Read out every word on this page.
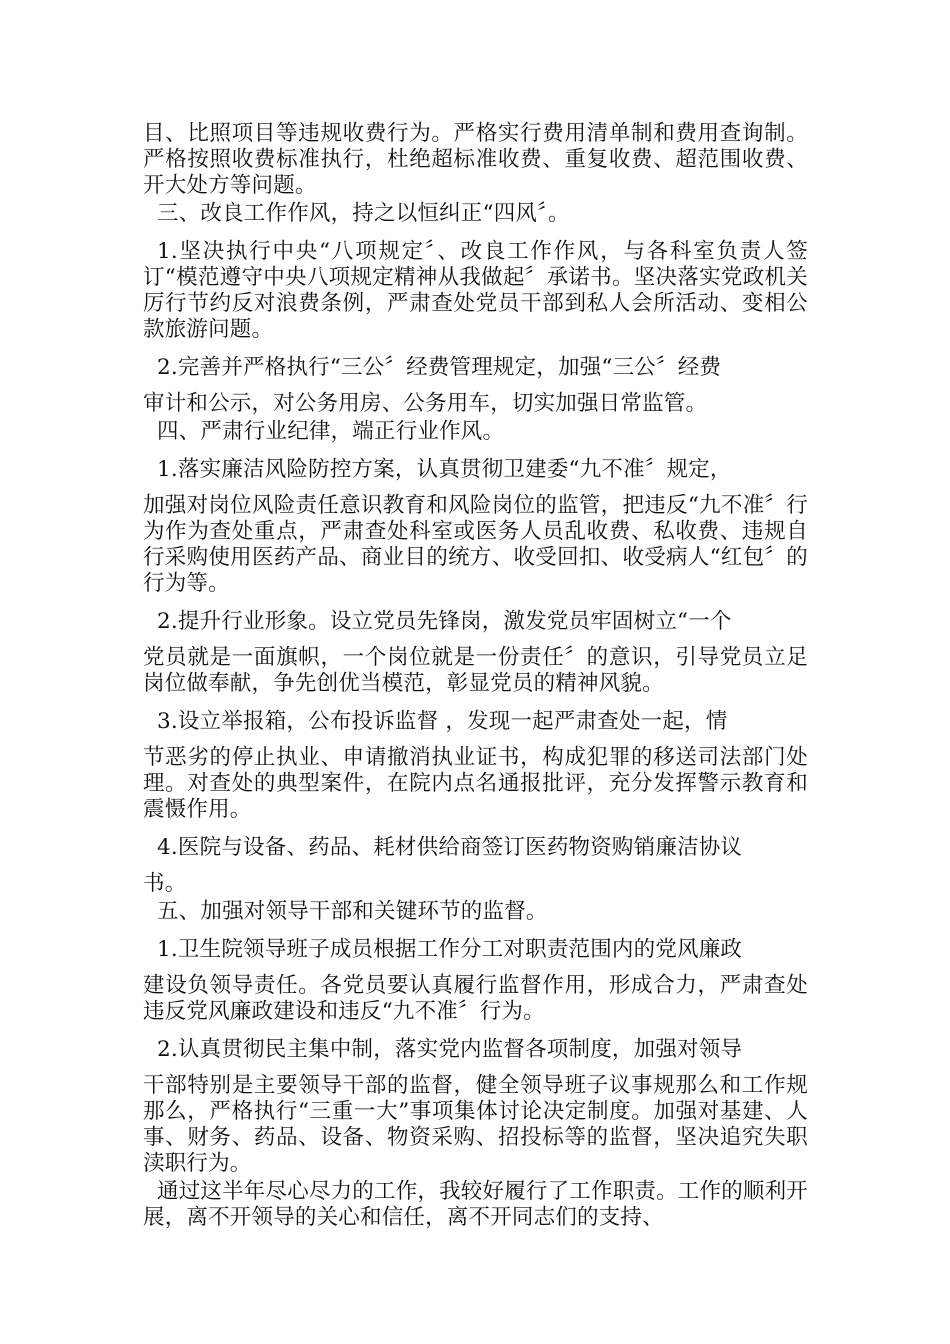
目、比照项目等违规收费行为。严格实行费用清单制和费用查询制。严格按照收费标准执行，杜绝超标准收费、重复收费、超范围收费、开大处方等问题。

三、改良工作作风，持之以恒纠正“四风〞。

1.坚决执行中央“八项规定〞、改良工作作风，与各科室负责人签订“模范遵守中央八项规定精神从我做起〞承诺书。坚决落实党政机关厉行节约反对浪费条例，严肃查处党员干部到私人会所活动、变相公款旅游问题。

2.完善并严格执行“三公〞经费管理规定，加强“三公〞经费

审计和公示，对公务用房、公务用车，切实加强日常监管。

四、严肃行业纪律，端正行业作风。

1.落实廉洁风险防控方案，认真贯彻卫建委“九不准〞规定，

加强对岗位风险责任意识教育和风险岗位的监管，把违反“九不准〞行为作为查处重点，严肃查处科室或医务人员乱收费、私收费、违规自行采购使用医药产品、商业目的统方、收受回扣、收受病人“红包〞的行为等。

2.提升行业形象。设立党员先锋岗，激发党员牢固树立“一个

党员就是一面旗帜，一个岗位就是一份责任〞的意识，引导党员立足岗位做奉献，争先创优当模范，彰显党员的精神风貌。

3.设立举报箱，公布投诉监督 ，发现一起严肃查处一起，情

节恶劣的停止执业、申请撤消执业证书，构成犯罪的移送司法部门处理。对查处的典型案件，在院内点名通报批评，充分发挥警示教育和震慑作用。

4.医院与设备、药品、耗材供给商签订医药物资购销廉洁协议

书。

五、加强对领导干部和关键环节的监督。

1.卫生院领导班子成员根据工作分工对职责范围内的党风廉政

建设负领导责任。各党员要认真履行监督作用，形成合力，严肃查处违反党风廉政建设和违反“九不准〞行为。

2.认真贯彻民主集中制，落实党内监督各项制度，加强对领导

干部特别是主要领导干部的监督，健全领导班子议事规那么和工作规那么，严格执行“三重一大”事项集体讨论决定制度。加强对基建、人事、财务、药品、设备、物资采购、招投标等的监督，坚决追究失职渎职行为。

通过这半年尽心尽力的工作，我较好履行了工作职责。工作的顺利开展，离不开领导的关心和信任，离不开同志们的支持、
